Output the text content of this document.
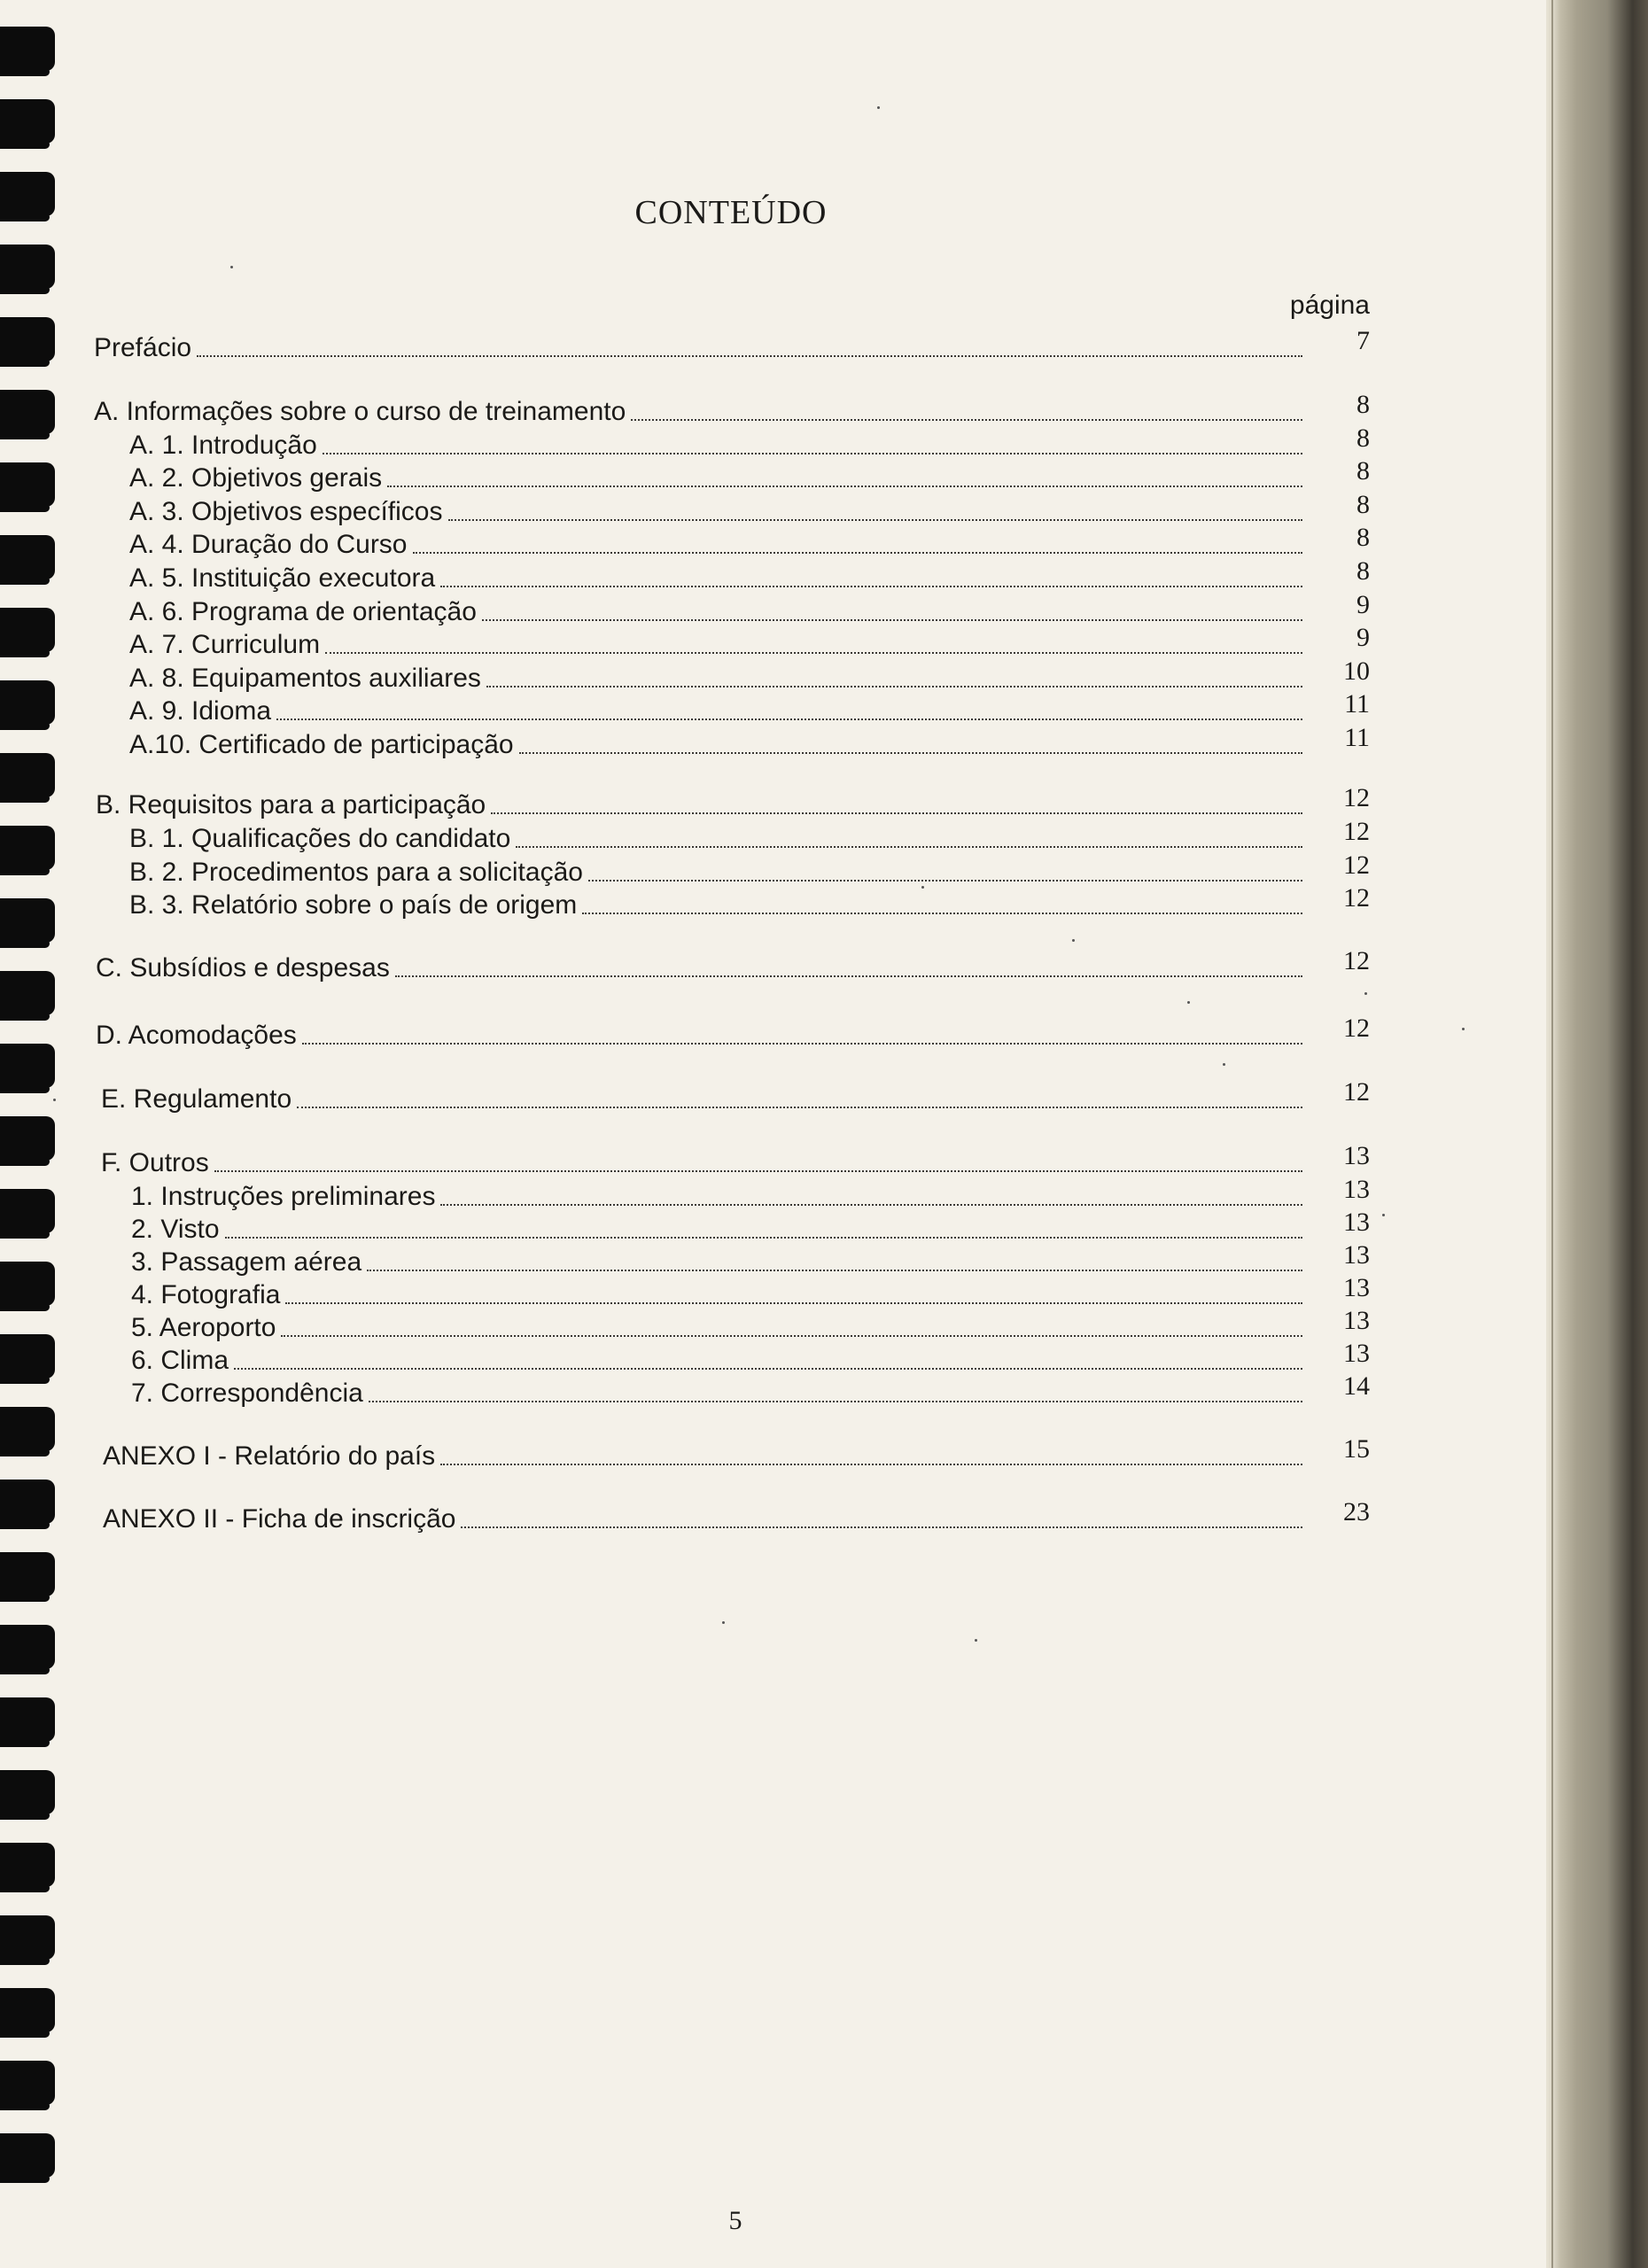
CONTEÚDO
página
Prefácio	7
A. Informações sobre o curso de treinamento	8
A. 1. Introdução	8
A. 2. Objetivos gerais	8
A. 3. Objetivos específicos	8
A. 4. Duração do Curso	8
A. 5. Instituição executora	8
A. 6. Programa de orientação	9
A. 7. Curriculum	9
A. 8. Equipamentos auxiliares	10
A. 9. Idioma	11
A.10. Certificado de participação	11
B. Requisitos para a participação	12
B. 1. Qualificações do candidato	12
B. 2. Procedimentos para a solicitação	12
B. 3. Relatório sobre o país de origem	12
C. Subsídios e despesas	12
D. Acomodações	12
E. Regulamento	12
F. Outros	13
1. Instruções preliminares	13
2. Visto	13
3. Passagem aérea	13
4. Fotografia	13
5. Aeroporto	13
6. Clima	13
7. Correspondência	14
ANEXO I - Relatório do país	15
ANEXO II - Ficha de inscrição	23
5
